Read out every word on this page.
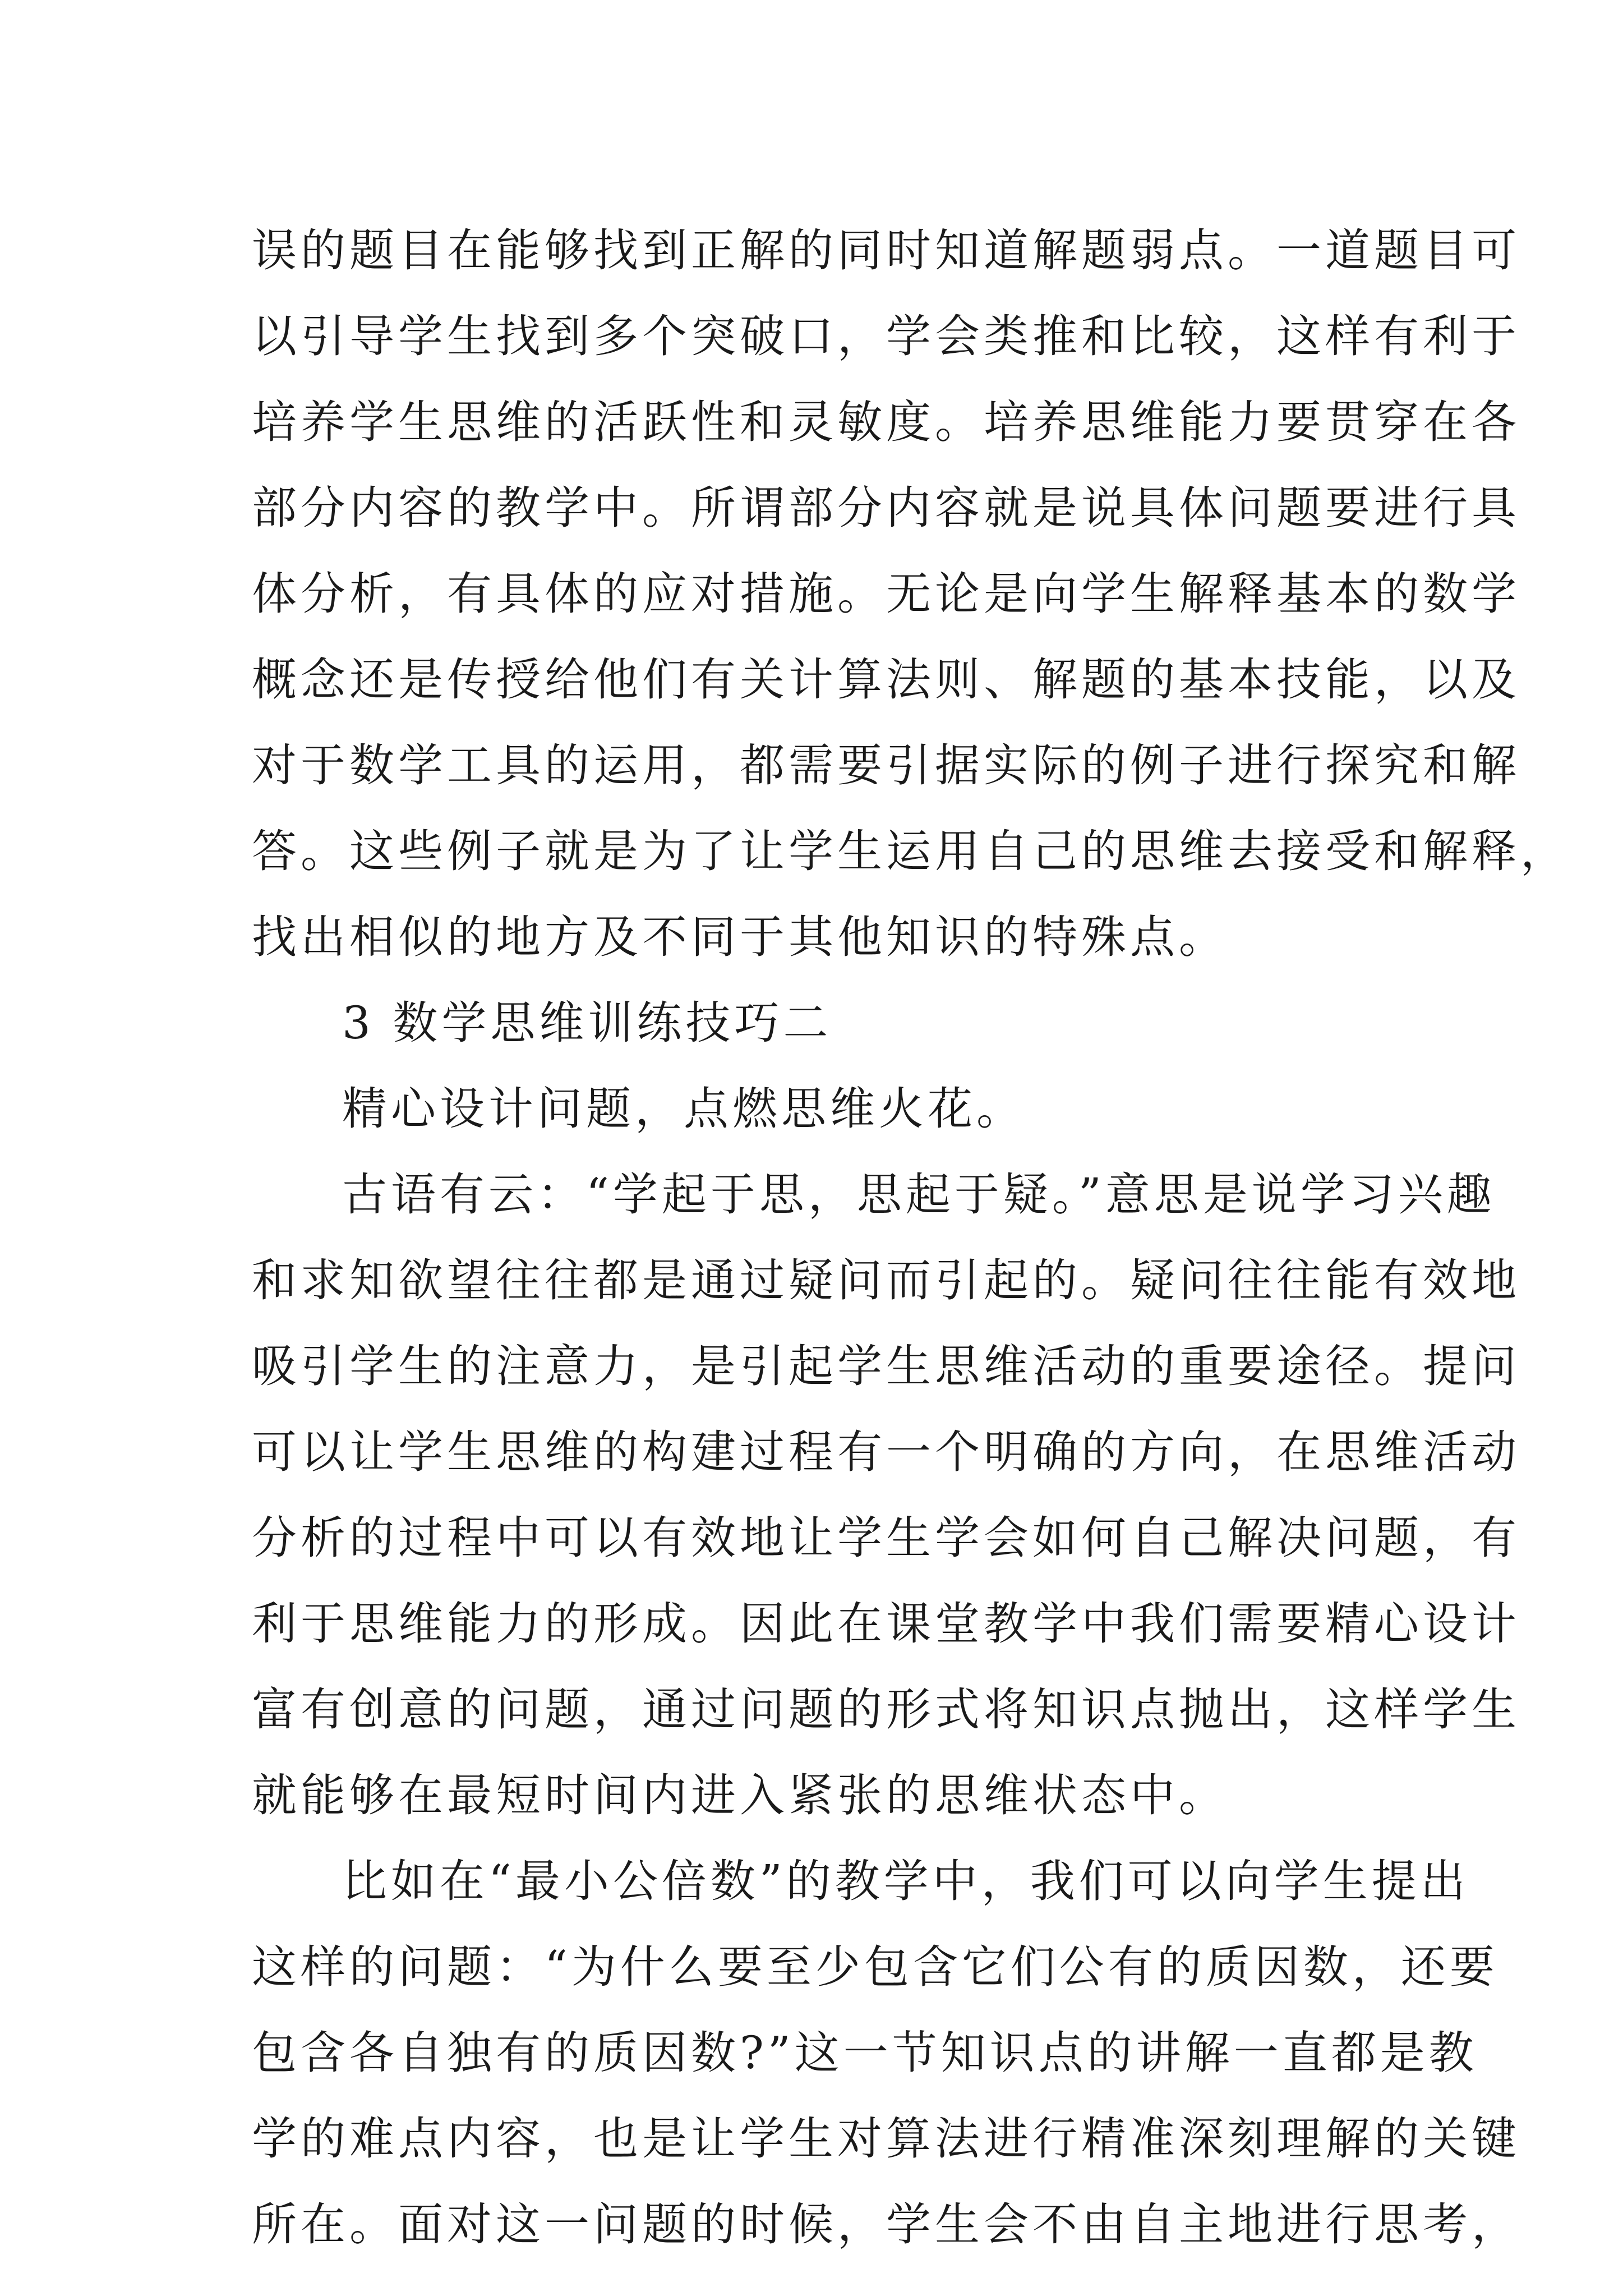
误的题目在能够找到正解的同时知道解题弱点。一道题目可
以引导学生找到多个突破口，学会类推和比较，这样有利于
培养学生思维的活跃性和灵敏度。培养思维能力要贯穿在各
部分内容的教学中。所谓部分内容就是说具体问题要进行具
体分析，有具体的应对措施。无论是向学生解释基本的数学
概念还是传授给他们有关计算法则、解题的基本技能，以及
对于数学工具的运用，都需要引据实际的例子进行探究和解
答。这些例子就是为了让学生运用自己的思维去接受和解释，
找出相似的地方及不同于其他知识的特殊点。
3 数学思维训练技巧二
精心设计问题，点燃思维火花。
古语有云：“学起于思，思起于疑。”意思是说学习兴趣
和求知欲望往往都是通过疑问而引起的。疑问往往能有效地
吸引学生的注意力，是引起学生思维活动的重要途径。提问
可以让学生思维的构建过程有一个明确的方向，在思维活动
分析的过程中可以有效地让学生学会如何自己解决问题，有
利于思维能力的形成。因此在课堂教学中我们需要精心设计
富有创意的问题，通过问题的形式将知识点抛出，这样学生
就能够在最短时间内进入紧张的思维状态中。
比如在“最小公倍数”的教学中，我们可以向学生提出
这样的问题：“为什么要至少包含它们公有的质因数，还要
包含各自独有的质因数?”这一节知识点的讲解一直都是教
学的难点内容，也是让学生对算法进行精准深刻理解的关键
所在。面对这一问题的时候，学生会不由自主地进行思考，
